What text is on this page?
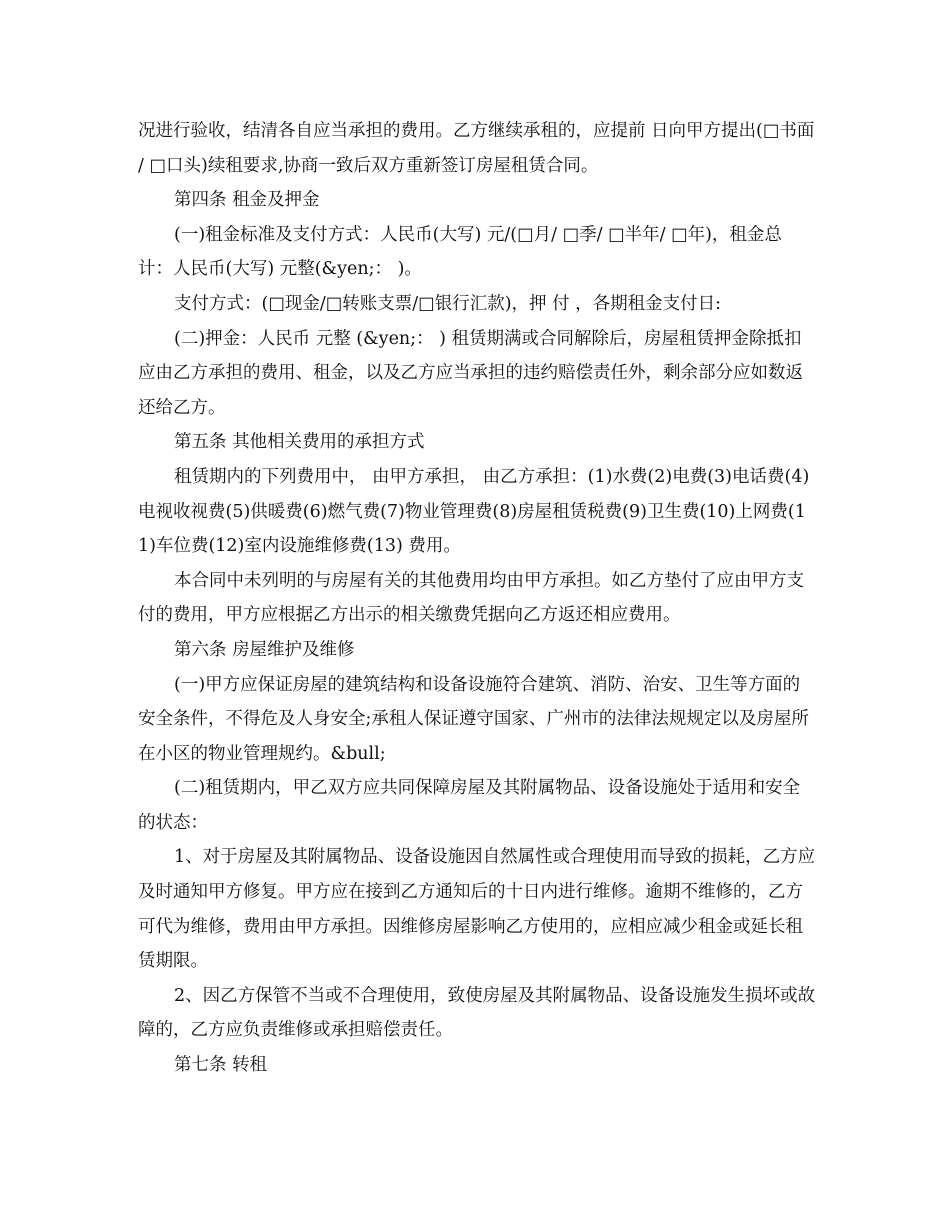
况进行验收，结清各自应当承担的费用。乙方继续承租的，应提前 日向甲方提出(□书面 / □口头)续租要求,协商一致后双方重新签订房屋租赁合同。

第四条 租金及押金

(一)租金标准及支付方式：人民币(大写) 元/(□月/ □季/ □半年/ □年)，租金总计：人民币(大写) 元整(&yen;： )。

支付方式：(□现金/□转账支票/□银行汇款)，押 付 ，各期租金支付日:

(二)押金：人民币 元整 (&yen;： ) 租赁期满或合同解除后，房屋租赁押金除抵扣应由乙方承担的费用、租金，以及乙方应当承担的违约赔偿责任外，剩余部分应如数返还给乙方。

第五条 其他相关费用的承担方式

租赁期内的下列费用中， 由甲方承担， 由乙方承担：(1)水费(2)电费(3)电话费(4)电视收视费(5)供暖费(6)燃气费(7)物业管理费(8)房屋租赁税费(9)卫生费(10)上网费(11)车位费(12)室内设施维修费(13) 费用。

本合同中未列明的与房屋有关的其他费用均由甲方承担。如乙方垫付了应由甲方支付的费用，甲方应根据乙方出示的相关缴费凭据向乙方返还相应费用。

第六条 房屋维护及维修

(一)甲方应保证房屋的建筑结构和设备设施符合建筑、消防、治安、卫生等方面的安全条件，不得危及人身安全;承租人保证遵守国家、广州市的法律法规规定以及房屋所在小区的物业管理规约。&bull;

(二)租赁期内，甲乙双方应共同保障房屋及其附属物品、设备设施处于适用和安全的状态：

1、对于房屋及其附属物品、设备设施因自然属性或合理使用而导致的损耗，乙方应及时通知甲方修复。甲方应在接到乙方通知后的十日内进行维修。逾期不维修的，乙方可代为维修，费用由甲方承担。因维修房屋影响乙方使用的，应相应减少租金或延长租赁期限。

2、因乙方保管不当或不合理使用，致使房屋及其附属物品、设备设施发生损坏或故障的，乙方应负责维修或承担赔偿责任。

第七条 转租
